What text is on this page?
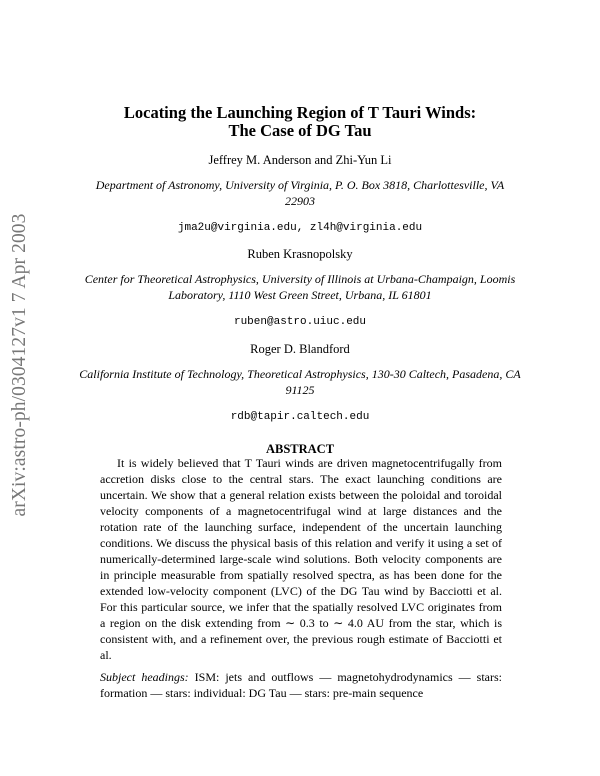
arXiv:astro-ph/0304127v1 7 Apr 2003

Locating the Launching Region of T Tauri Winds:

The Case of DG Tau

Jeffrey M. Anderson and Zhi-Yun Li

Department of Astronomy, University of Virginia, P. O. Box 3818, Charlottesville, VA

22903

jma2u@virginia.edu, zl4h@virginia.edu

Ruben Krasnopolsky

Center for Theoretical Astrophysics, University of Illinois at Urbana-Champaign, Loomis

Laboratory, 1110 West Green Street, Urbana, IL 61801

ruben@astro.uiuc.edu

Roger D. Blandford

California Institute of Technology, Theoretical Astrophysics, 130-30 Caltech, Pasadena, CA

91125

rdb@tapir.caltech.edu

ABSTRACT

It is widely believed that T Tauri winds are driven magnetocentrifugally from accretion disks close to the central stars. The exact launching conditions are uncertain. We show that a general relation exists between the poloidal and toroidal velocity components of a magnetocentrifugal wind at large distances and the rotation rate of the launching surface, independent of the uncertain launching conditions. We discuss the physical basis of this relation and verify it using a set of numerically-determined large-scale wind solutions. Both velocity components are in principle measurable from spatially resolved spectra, as has been done for the extended low-velocity component (LVC) of the DG Tau wind by Bacciotti et al. For this particular source, we infer that the spatially resolved LVC originates from a region on the disk extending from ∼ 0.3 to ∼ 4.0 AU from the star, which is consistent with, and a refinement over, the previous rough estimate of Bacciotti et al.

Subject headings: ISM: jets and outflows — magnetohydrodynamics — stars: formation — stars: individual: DG Tau — stars: pre-main sequence
